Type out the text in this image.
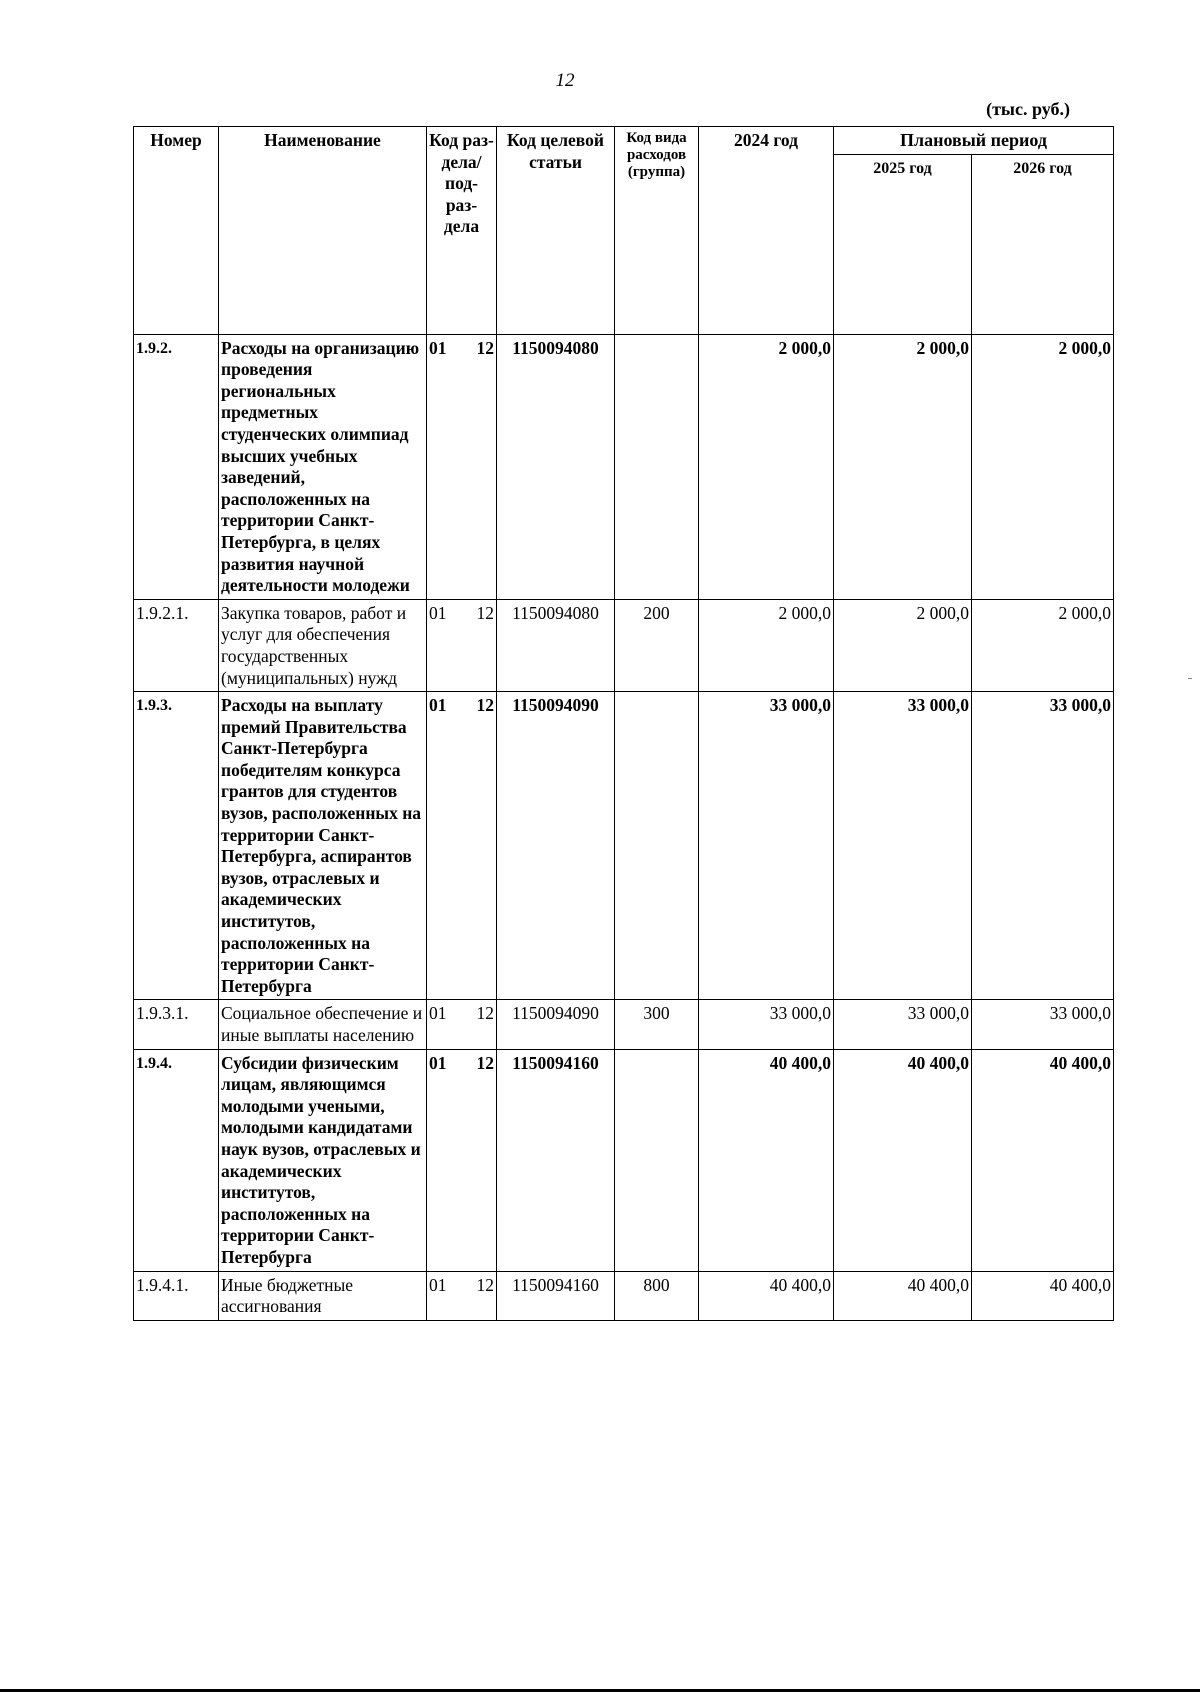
12
(тыс. руб.)
Номер	Наименование	Код раз- дела/ под- раз- дела	Код целевой статьи	Код вида расходов (группа)	2024 год	Плановый период	
						2025 год	2026 год
1.9.2.	Расходы на организацию проведения региональных предметных студенческих олимпиад высших учебных заведений, расположенных на территории Санкт-Петербурга, в целях развития научной деятельности молодежи	01 12	1150094080		2 000,0	2 000,0	2 000,0
1.9.2.1.	Закупка товаров, работ и услуг для обеспечения государственных (муниципальных) нужд	01 12	1150094080	200	2 000,0	2 000,0	2 000,0
1.9.3.	Расходы на выплату премий Правительства Санкт-Петербурга победителям конкурса грантов для студентов вузов, расположенных на территории Санкт-Петербурга, аспирантов вузов, отраслевых и академических институтов, расположенных на территории Санкт-Петербурга	01 12	1150094090		33 000,0	33 000,0	33 000,0
1.9.3.1.	Социальное обеспечение и иные выплаты населению	01 12	1150094090	300	33 000,0	33 000,0	33 000,0
1.9.4.	Субсидии физическим лицам, являющимся молодыми учеными, молодыми кандидатами наук вузов, отраслевых и академических институтов, расположенных на территории Санкт-Петербурга	01 12	1150094160		40 400,0	40 400,0	40 400,0
1.9.4.1.	Иные бюджетные ассигнования	01 12	1150094160	800	40 400,0	40 400,0	40 400,0
